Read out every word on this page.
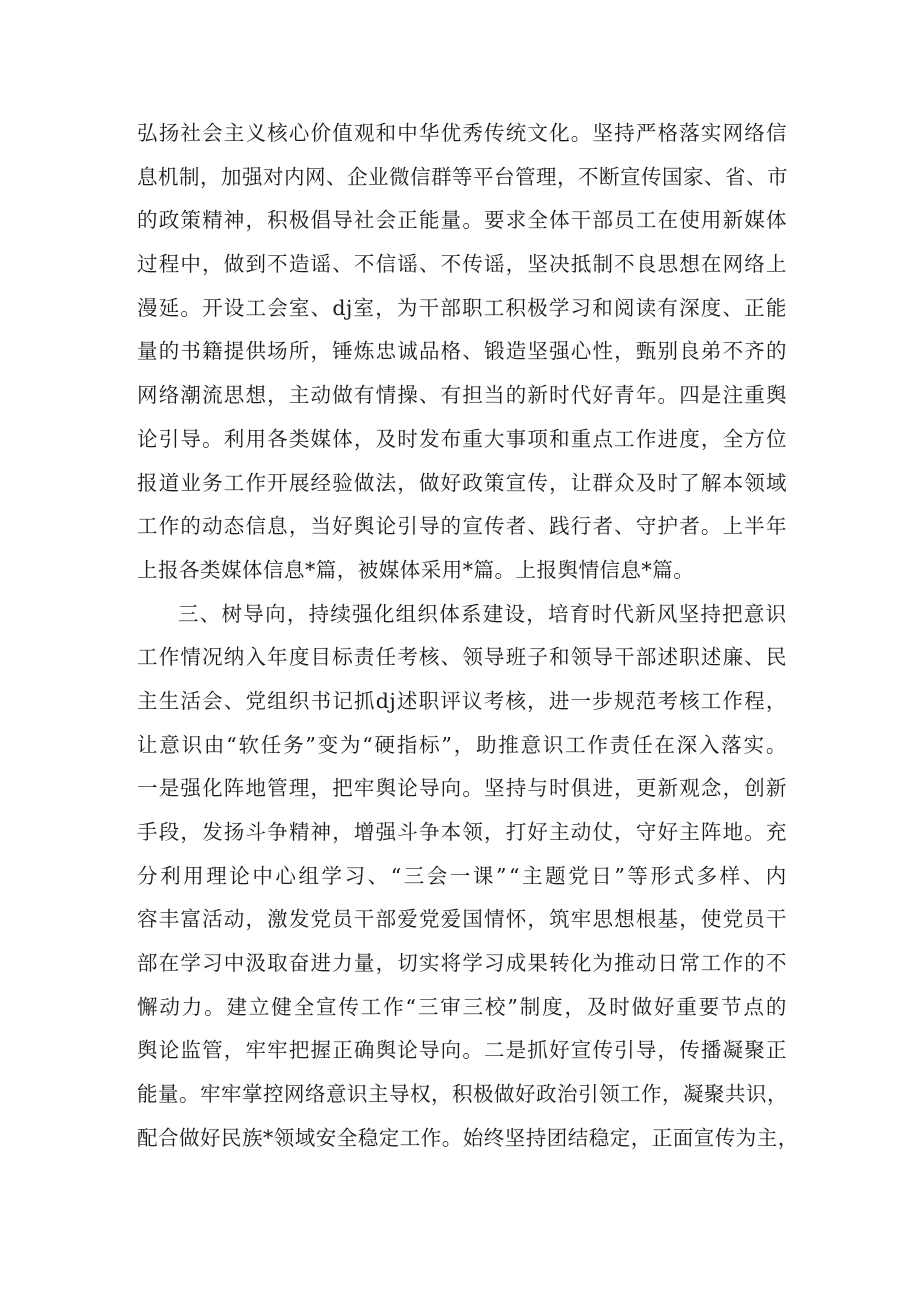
弘 扬 社 会 主 义 核 心 价 值 观 和 中 华 优 秀 传 统 文 化 。 坚 持 严 格 落 实 网 络 信
息 机 制 ， 加 强 对 内 网 、 企 业 微 信 群 等 平 台 管 理 ， 不 断 宣 传 国 家 、 省 、 市
的 政 策 精 神 ， 积 极 倡 导 社 会 正 能 量 。 要 求 全 体 干 部 员 工 在 使 用 新 媒 体
过 程 中 ， 做 到 不 造 谣 、 不 信 谣 、 不 传 谣 ， 坚 决 抵 制 不 良 思 想 在 网 络 上
漫 延 。 开 设 工 会 室 、 dj 室 ， 为 干 部 职 工 积 极 学 习 和 阅 读 有 深 度 、 正 能
量 的 书 籍 提 供 场 所 ， 锤 炼 忠 诚 品 格 、 锻 造 坚 强 心 性 ， 甄 别 良 弟 不 齐 的
网 络 潮 流 思 想 ， 主 动 做 有 情 操 、 有 担 当 的 新 时 代 好 青 年 。 四 是 注 重 舆
论 引 导 。 利 用 各 类 媒 体 ， 及 时 发 布 重 大 事 项 和 重 点 工 作 进 度 ， 全 方 位
报 道 业 务 工 作 开 展 经 验 做 法 ， 做 好 政 策 宣 传 ， 让 群 众 及 时 了 解 本 领 域
工 作 的 动 态 信 息 ， 当 好 舆 论 引 导 的 宣 传 者 、 践 行 者 、 守 护 者 。 上 半 年
上 报 各 类 媒 体 信 息 * 篇 ， 被 媒 体 采 用 * 篇 。 上 报 舆 情 信 息 * 篇 。
三 、 树 导 向 ， 持 续 强 化 组 织 体 系 建 设 ， 培 育 时 代 新 风 坚 持 把 意 识
工 作 情 况 纳 入 年 度 目 标 责 任 考 核 、 领 导 班 子 和 领 导 干 部 述 职 述 廉 、 民
主 生 活 会 、 党 组 织 书 记 抓 dj 述 职 评 议 考 核 ， 进 一 步 规 范 考 核 工 作 程 ，
让 意 识 由 “ 软 任 务 ” 变 为 “ 硬 指 标 ” ， 助 推 意 识 工 作 责 任 在 深 入 落 实 。
一 是 强 化 阵 地 管 理 ， 把 牢 舆 论 导 向 。 坚 持 与 时 俱 进 ， 更 新 观 念 ， 创 新
手 段 ， 发 扬 斗 争 精 神 ， 增 强 斗 争 本 领 ， 打 好 主 动 仗 ， 守 好 主 阵 地 。 充
分 利 用 理 论 中 心 组 学 习 、 “ 三 会 一 课 ” “ 主 题 党 日 ” 等 形 式 多 样 、 内
容 丰 富 活 动 ， 激 发 党 员 干 部 爱 党 爱 国 情 怀 ， 筑 牢 思 想 根 基 ， 使 党 员 干
部 在 学 习 中 汲 取 奋 进 力 量 ， 切 实 将 学 习 成 果 转 化 为 推 动 日 常 工 作 的 不
懈 动 力 。 建 立 健 全 宣 传 工 作 “ 三 审 三 校 ” 制 度 ， 及 时 做 好 重 要 节 点 的
舆 论 监 管 ， 牢 牢 把 握 正 确 舆 论 导 向 。 二 是 抓 好 宣 传 引 导 ， 传 播 凝 聚 正
能 量 。 牢 牢 掌 控 网 络 意 识 主 导 权 ， 积 极 做 好 政 治 引 领 工 作 ， 凝 聚 共 识 ，
配 合 做 好 民 族 * 领 域 安 全 稳 定 工 作 。 始 终 坚 持 团 结 稳 定 ， 正 面 宣 传 为 主 ，
